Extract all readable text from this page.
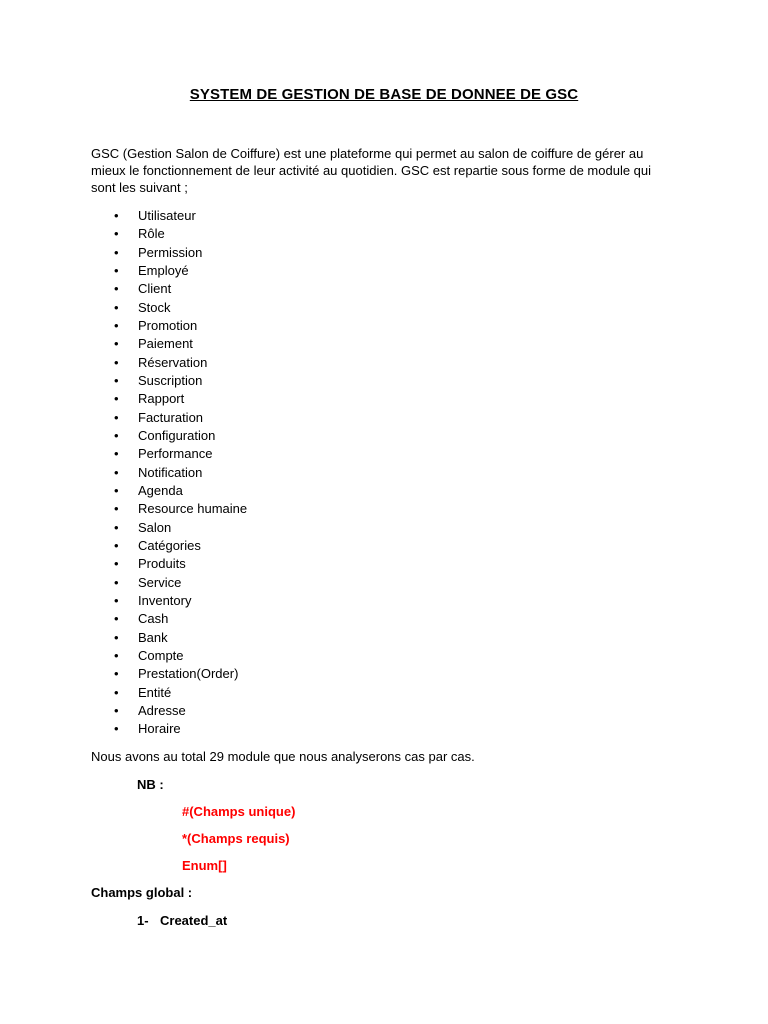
SYSTEM DE GESTION DE BASE DE DONNEE DE GSC
GSC (Gestion Salon de Coiffure) est une plateforme qui permet au salon de coiffure de gérer au mieux le fonctionnement de leur activité au quotidien. GSC est repartie sous forme de module qui sont les suivant ;
• Utilisateur
• Rôle
• Permission
• Employé
• Client
• Stock
• Promotion
• Paiement
• Réservation
• Suscription
• Rapport
• Facturation
• Configuration
• Performance
• Notification
• Agenda
• Resource humaine
• Salon
• Catégories
• Produits
• Service
• Inventory
• Cash
• Bank
• Compte
• Prestation(Order)
• Entité
• Adresse
• Horaire
Nous avons au total 29 module que nous analyserons cas par cas.
NB :
#(Champs unique)
*(Champs requis)
Enum[]
Champs global :
1- Created_at
